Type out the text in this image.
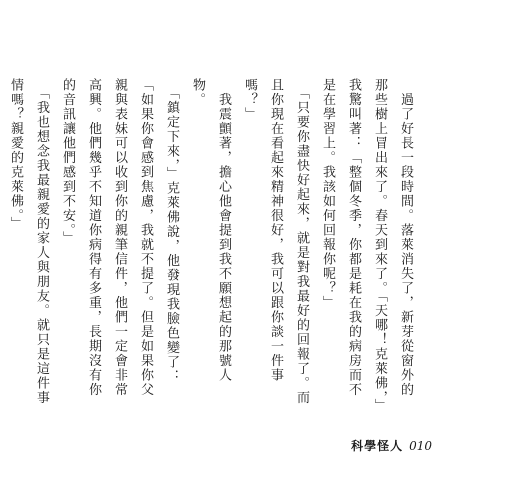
　過了好長一段時間。落萊消失了，新芽從窗外的那些樹上冒出來了。春天到來了。「天哪！克萊佛，」我驚叫著：「整個冬季，你都是耗在我的病房而不是在學習上。我該如何回報你呢？」

　「只要你盡快好起來，就是對我最好的回報了。而且你現在看起來精神很好，我可以跟你談一件事嗎？」

　我震顫著，擔心他會提到我不願想起的那號人物。

　「鎮定下來，」克萊佛說，他發現我臉色變了：「如果你會感到焦慮，我就不提了。但是如果你父親與表妹可以收到你的親筆信件，他們一定會非常高興。他們幾乎不知道你病得有多重，長期沒有你的音訊讓他們感到不安。」

　「我也想念我最親愛的家人與朋友。就只是這件事情嗎？親愛的克萊佛。」

科學怪人 010
